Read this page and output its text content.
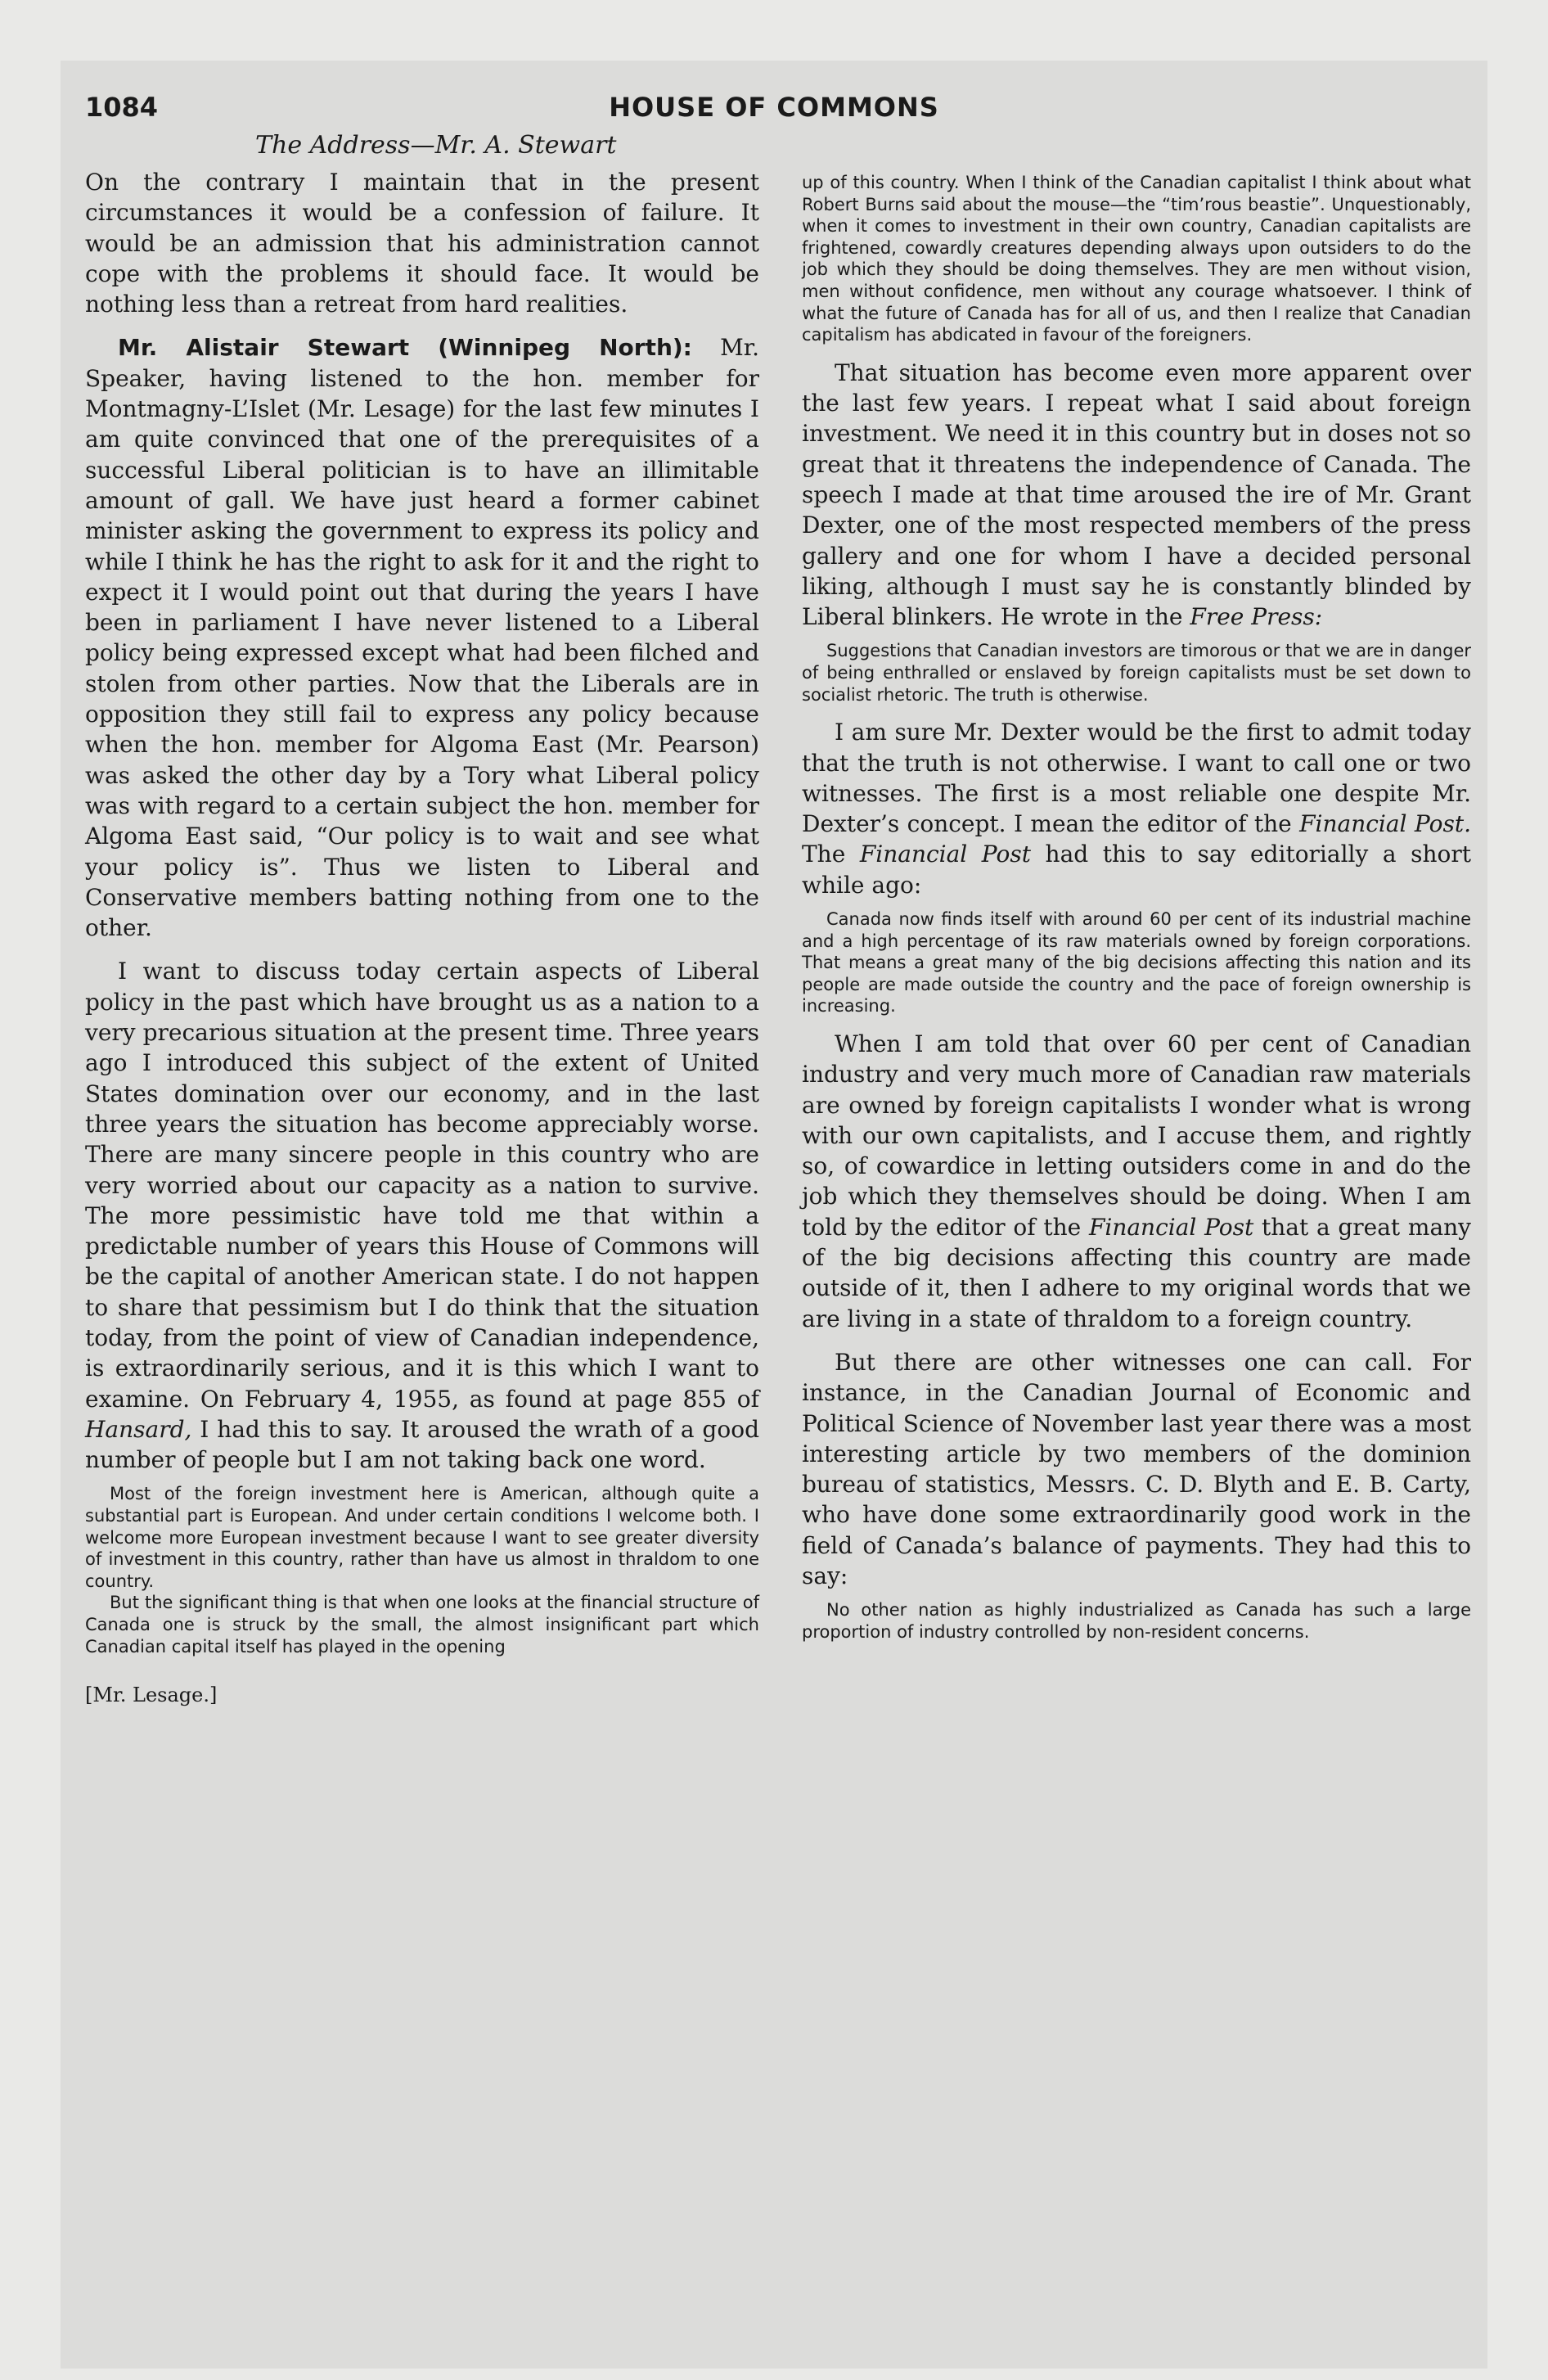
1084	HOUSE OF COMMONS
The Address—Mr. A. Stewart

On the contrary I maintain that in the present circumstances it would be a confession of failure. It would be an admission that his administration cannot cope with the problems it should face. It would be nothing less than a retreat from hard realities.

Mr. Alistair Stewart (Winnipeg North): Mr. Speaker, having listened to the hon. member for Montmagny-L’Islet (Mr. Lesage) for the last few minutes I am quite convinced that one of the prerequisites of a successful Liberal politician is to have an illimitable amount of gall. We have just heard a former cabinet minister asking the government to express its policy and while I think he has the right to ask for it and the right to expect it I would point out that during the years I have been in parliament I have never listened to a Liberal policy being expressed except what had been filched and stolen from other parties. Now that the Liberals are in opposition they still fail to express any policy because when the hon. member for Algoma East (Mr. Pearson) was asked the other day by a Tory what Liberal policy was with regard to a certain subject the hon. member for Algoma East said, “Our policy is to wait and see what your policy is”. Thus we listen to Liberal and Conservative members batting nothing from one to the other.

I want to discuss today certain aspects of Liberal policy in the past which have brought us as a nation to a very precarious situation at the present time. Three years ago I introduced this subject of the extent of United States domination over our economy, and in the last three years the situation has become appreciably worse. There are many sincere people in this country who are very worried about our capacity as a nation to survive. The more pessimistic have told me that within a predictable number of years this House of Commons will be the capital of another American state. I do not happen to share that pessimism but I do think that the situation today, from the point of view of Canadian independence, is extraordinarily serious, and it is this which I want to examine. On February 4, 1955, as found at page 855 of Hansard, I had this to say. It aroused the wrath of a good number of people but I am not taking back one word.

Most of the foreign investment here is American, although quite a substantial part is European. And under certain conditions I welcome both. I welcome more European investment because I want to see greater diversity of investment in this country, rather than have us almost in thraldom to one country.

But the significant thing is that when one looks at the financial structure of Canada one is struck by the small, the almost insignificant part which Canadian capital itself has played in the opening

[Mr. Lesage.]

up of this country. When I think of the Canadian capitalist I think about what Robert Burns said about the mouse—the “tim’rous beastie”. Unquestionably, when it comes to investment in their own country, Canadian capitalists are frightened, cowardly creatures depending always upon outsiders to do the job which they should be doing themselves. They are men without vision, men without confidence, men without any courage whatsoever. I think of what the future of Canada has for all of us, and then I realize that Canadian capitalism has abdicated in favour of the foreigners.

That situation has become even more apparent over the last few years. I repeat what I said about foreign investment. We need it in this country but in doses not so great that it threatens the independence of Canada. The speech I made at that time aroused the ire of Mr. Grant Dexter, one of the most respected members of the press gallery and one for whom I have a decided personal liking, although I must say he is constantly blinded by Liberal blinkers. He wrote in the Free Press:

Suggestions that Canadian investors are timorous or that we are in danger of being enthralled or enslaved by foreign capitalists must be set down to socialist rhetoric. The truth is otherwise.

I am sure Mr. Dexter would be the first to admit today that the truth is not otherwise. I want to call one or two witnesses. The first is a most reliable one despite Mr. Dexter’s concept. I mean the editor of the Financial Post. The Financial Post had this to say editorially a short while ago:

Canada now finds itself with around 60 per cent of its industrial machine and a high percentage of its raw materials owned by foreign corporations. That means a great many of the big decisions affecting this nation and its people are made outside the country and the pace of foreign ownership is increasing.

When I am told that over 60 per cent of Canadian industry and very much more of Canadian raw materials are owned by foreign capitalists I wonder what is wrong with our own capitalists, and I accuse them, and rightly so, of cowardice in letting outsiders come in and do the job which they themselves should be doing. When I am told by the editor of the Financial Post that a great many of the big decisions affecting this country are made outside of it, then I adhere to my original words that we are living in a state of thraldom to a foreign country.

But there are other witnesses one can call. For instance, in the Canadian Journal of Economic and Political Science of November last year there was a most interesting article by two members of the dominion bureau of statistics, Messrs. C. D. Blyth and E. B. Carty, who have done some extraordinarily good work in the field of Canada’s balance of payments. They had this to say:

No other nation as highly industrialized as Canada has such a large proportion of industry controlled by non-resident concerns.
